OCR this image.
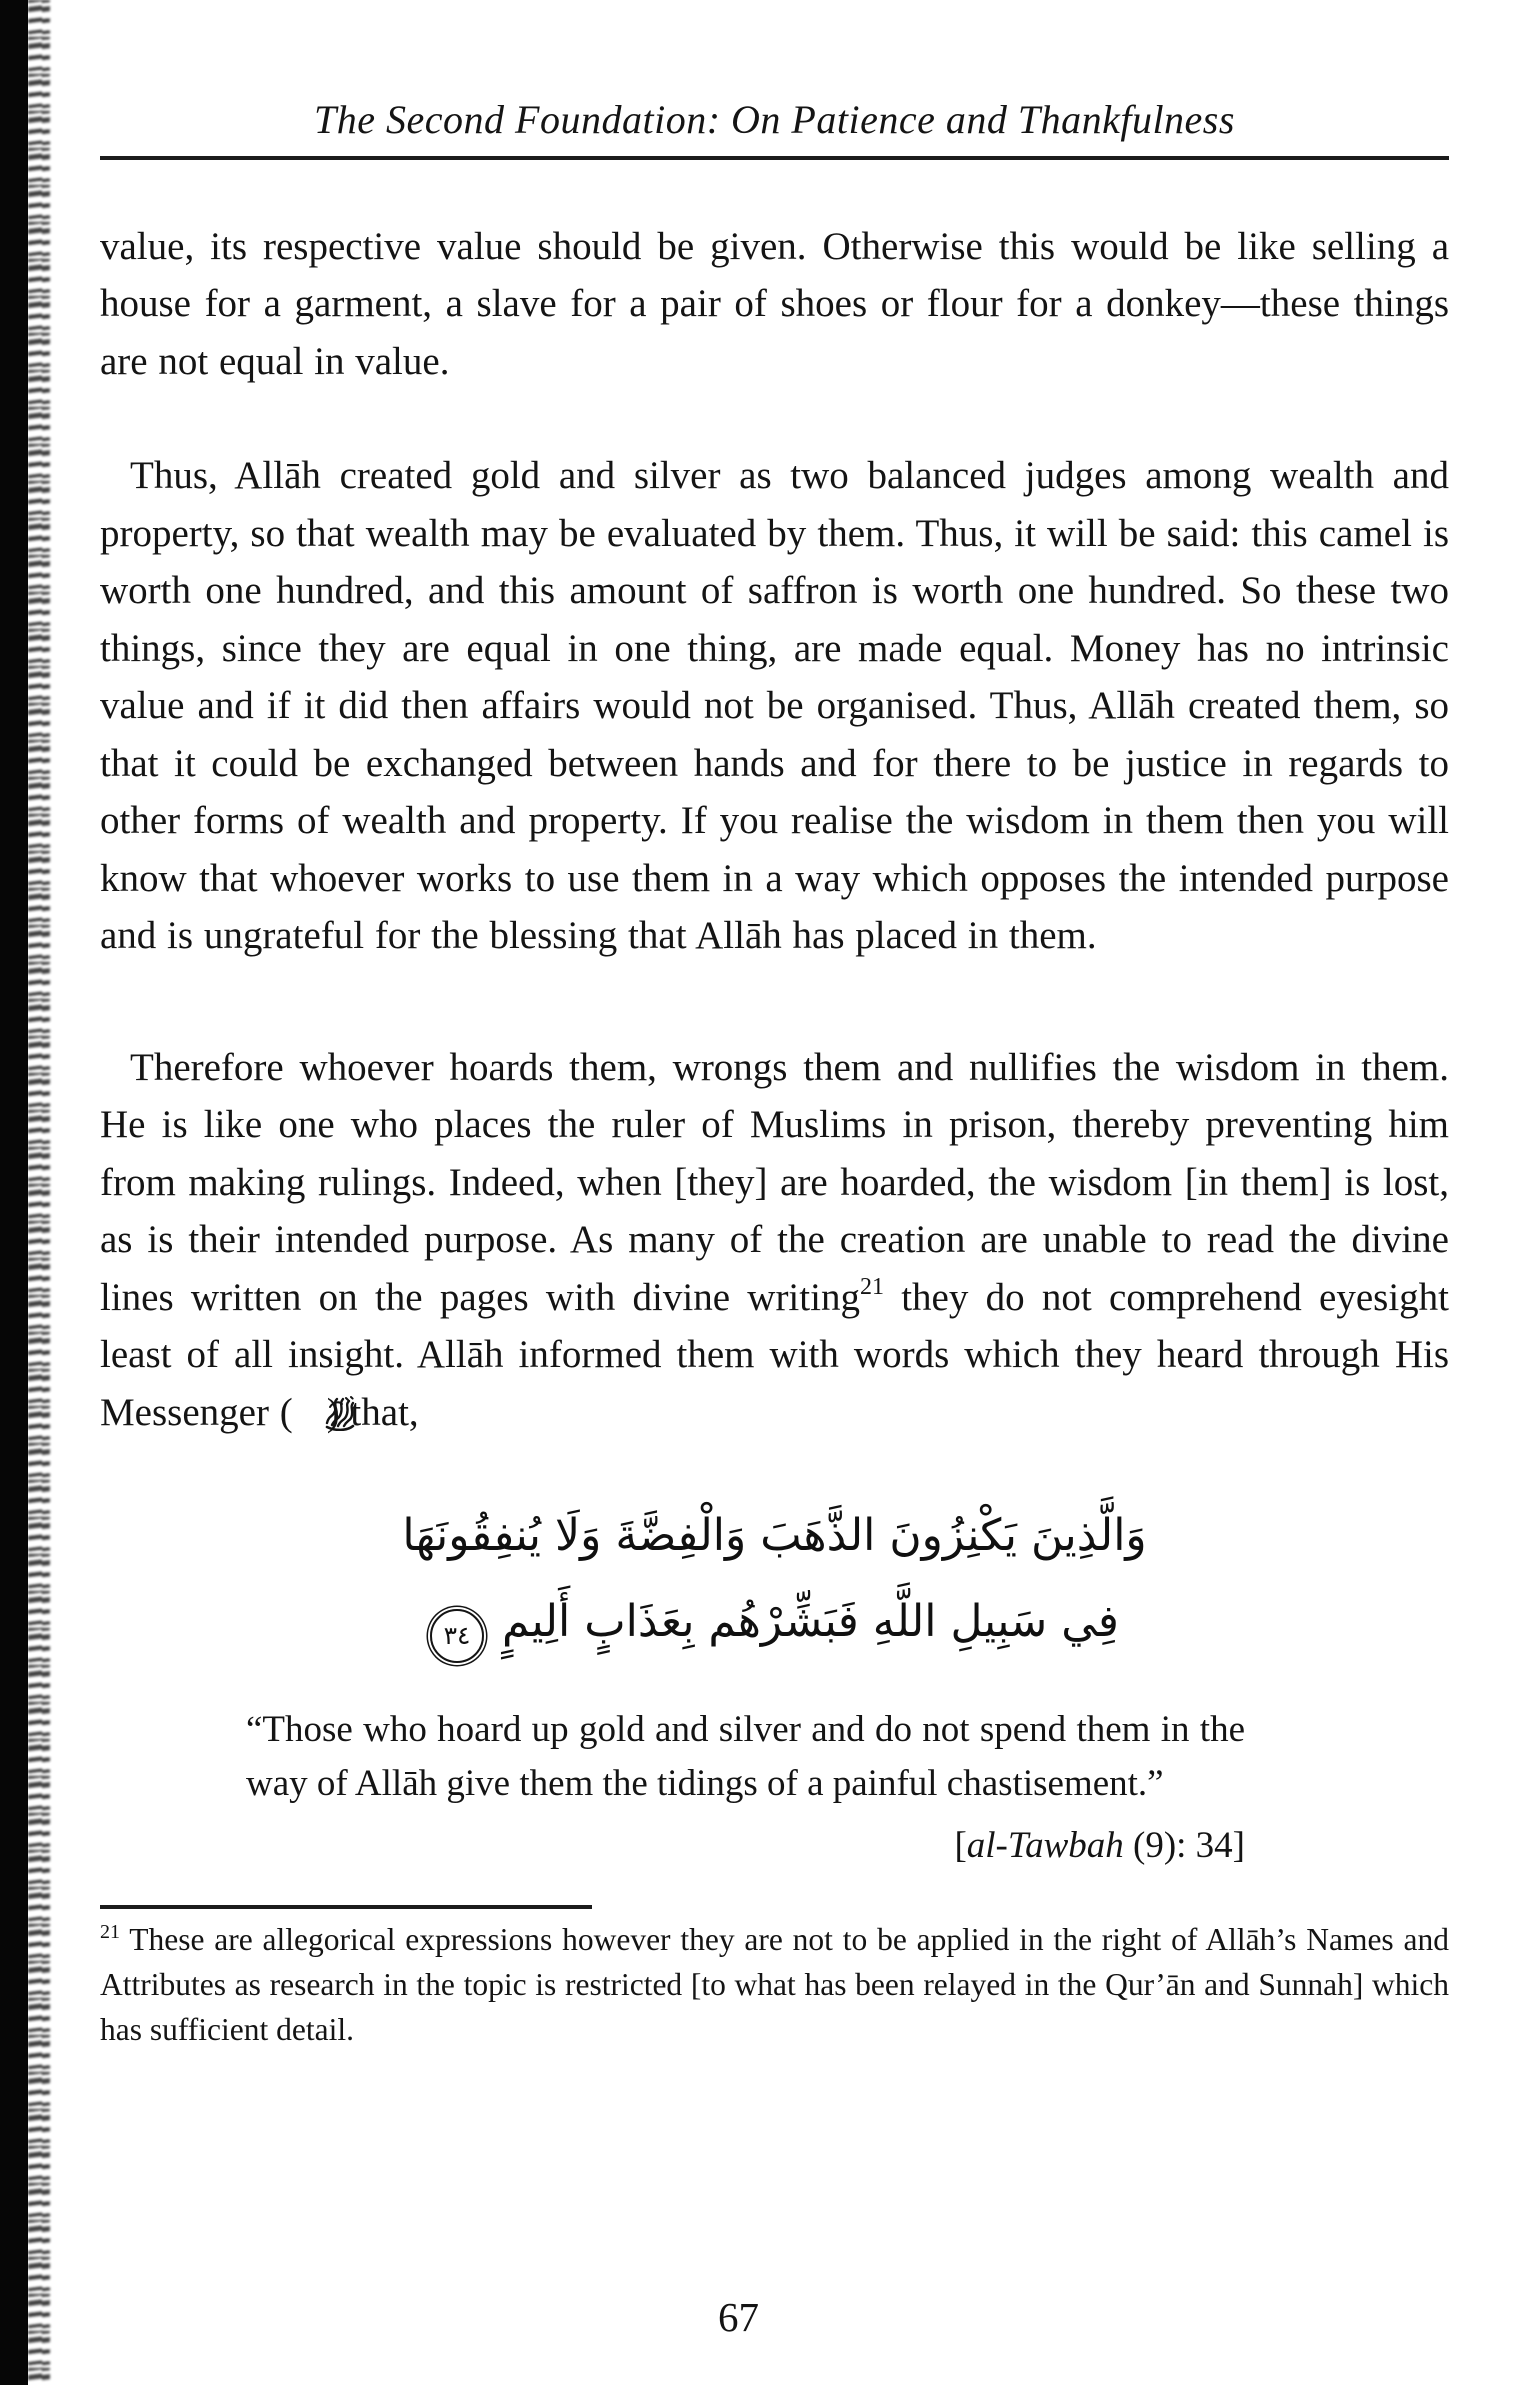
The Second Foundation: On Patience and Thankfulness

value, its respective value should be given. Otherwise this would be like selling a house for a garment, a slave for a pair of shoes or flour for a donkey—these things are not equal in value.

Thus, Allāh created gold and silver as two balanced judges among wealth and property, so that wealth may be evaluated by them. Thus, it will be said: this camel is worth one hundred, and this amount of saffron is worth one hundred. So these two things, since they are equal in one thing, are made equal. Money has no intrinsic value and if it did then affairs would not be organised. Thus, Allāh created them, so that it could be exchanged between hands and for there to be justice in regards to other forms of wealth and property. If you realise the wisdom in them then you will know that whoever works to use them in a way which opposes the intended purpose and is ungrateful for the blessing that Allāh has placed in them.

Therefore whoever hoards them, wrongs them and nullifies the wisdom in them. He is like one who places the ruler of Muslims in prison, thereby preventing him from making rulings. Indeed, when [they] are hoarded, the wisdom [in them] is lost, as is their intended purpose. As many of the creation are unable to read the divine lines written on the pages with divine writing$^{21}$ they do not comprehend eyesight least of all insight. Allāh informed them with words which they heard through His Messenger ( ) that,

وَالَّذِينَ يَكْنِزُونَ الذَّهَبَ وَالْفِضَّةَ وَلَا يُنفِقُونَهَا
فِي سَبِيلِ اللَّهِ فَبَشِّرْهُم بِعَذَابٍ أَلِيمٍ٣٤
“Those who hoard up gold and silver and do not spend them in the way of Allāh give them the tidings of a painful chastisement.”
[al-Tawbah (9): 34]

$^{21}$ These are allegorical expressions however they are not to be applied in the right of Allāh’s Names and Attributes as research in the topic is restricted [to what has been relayed in the Qur’ān and Sunnah] which has sufficient detail.

67
